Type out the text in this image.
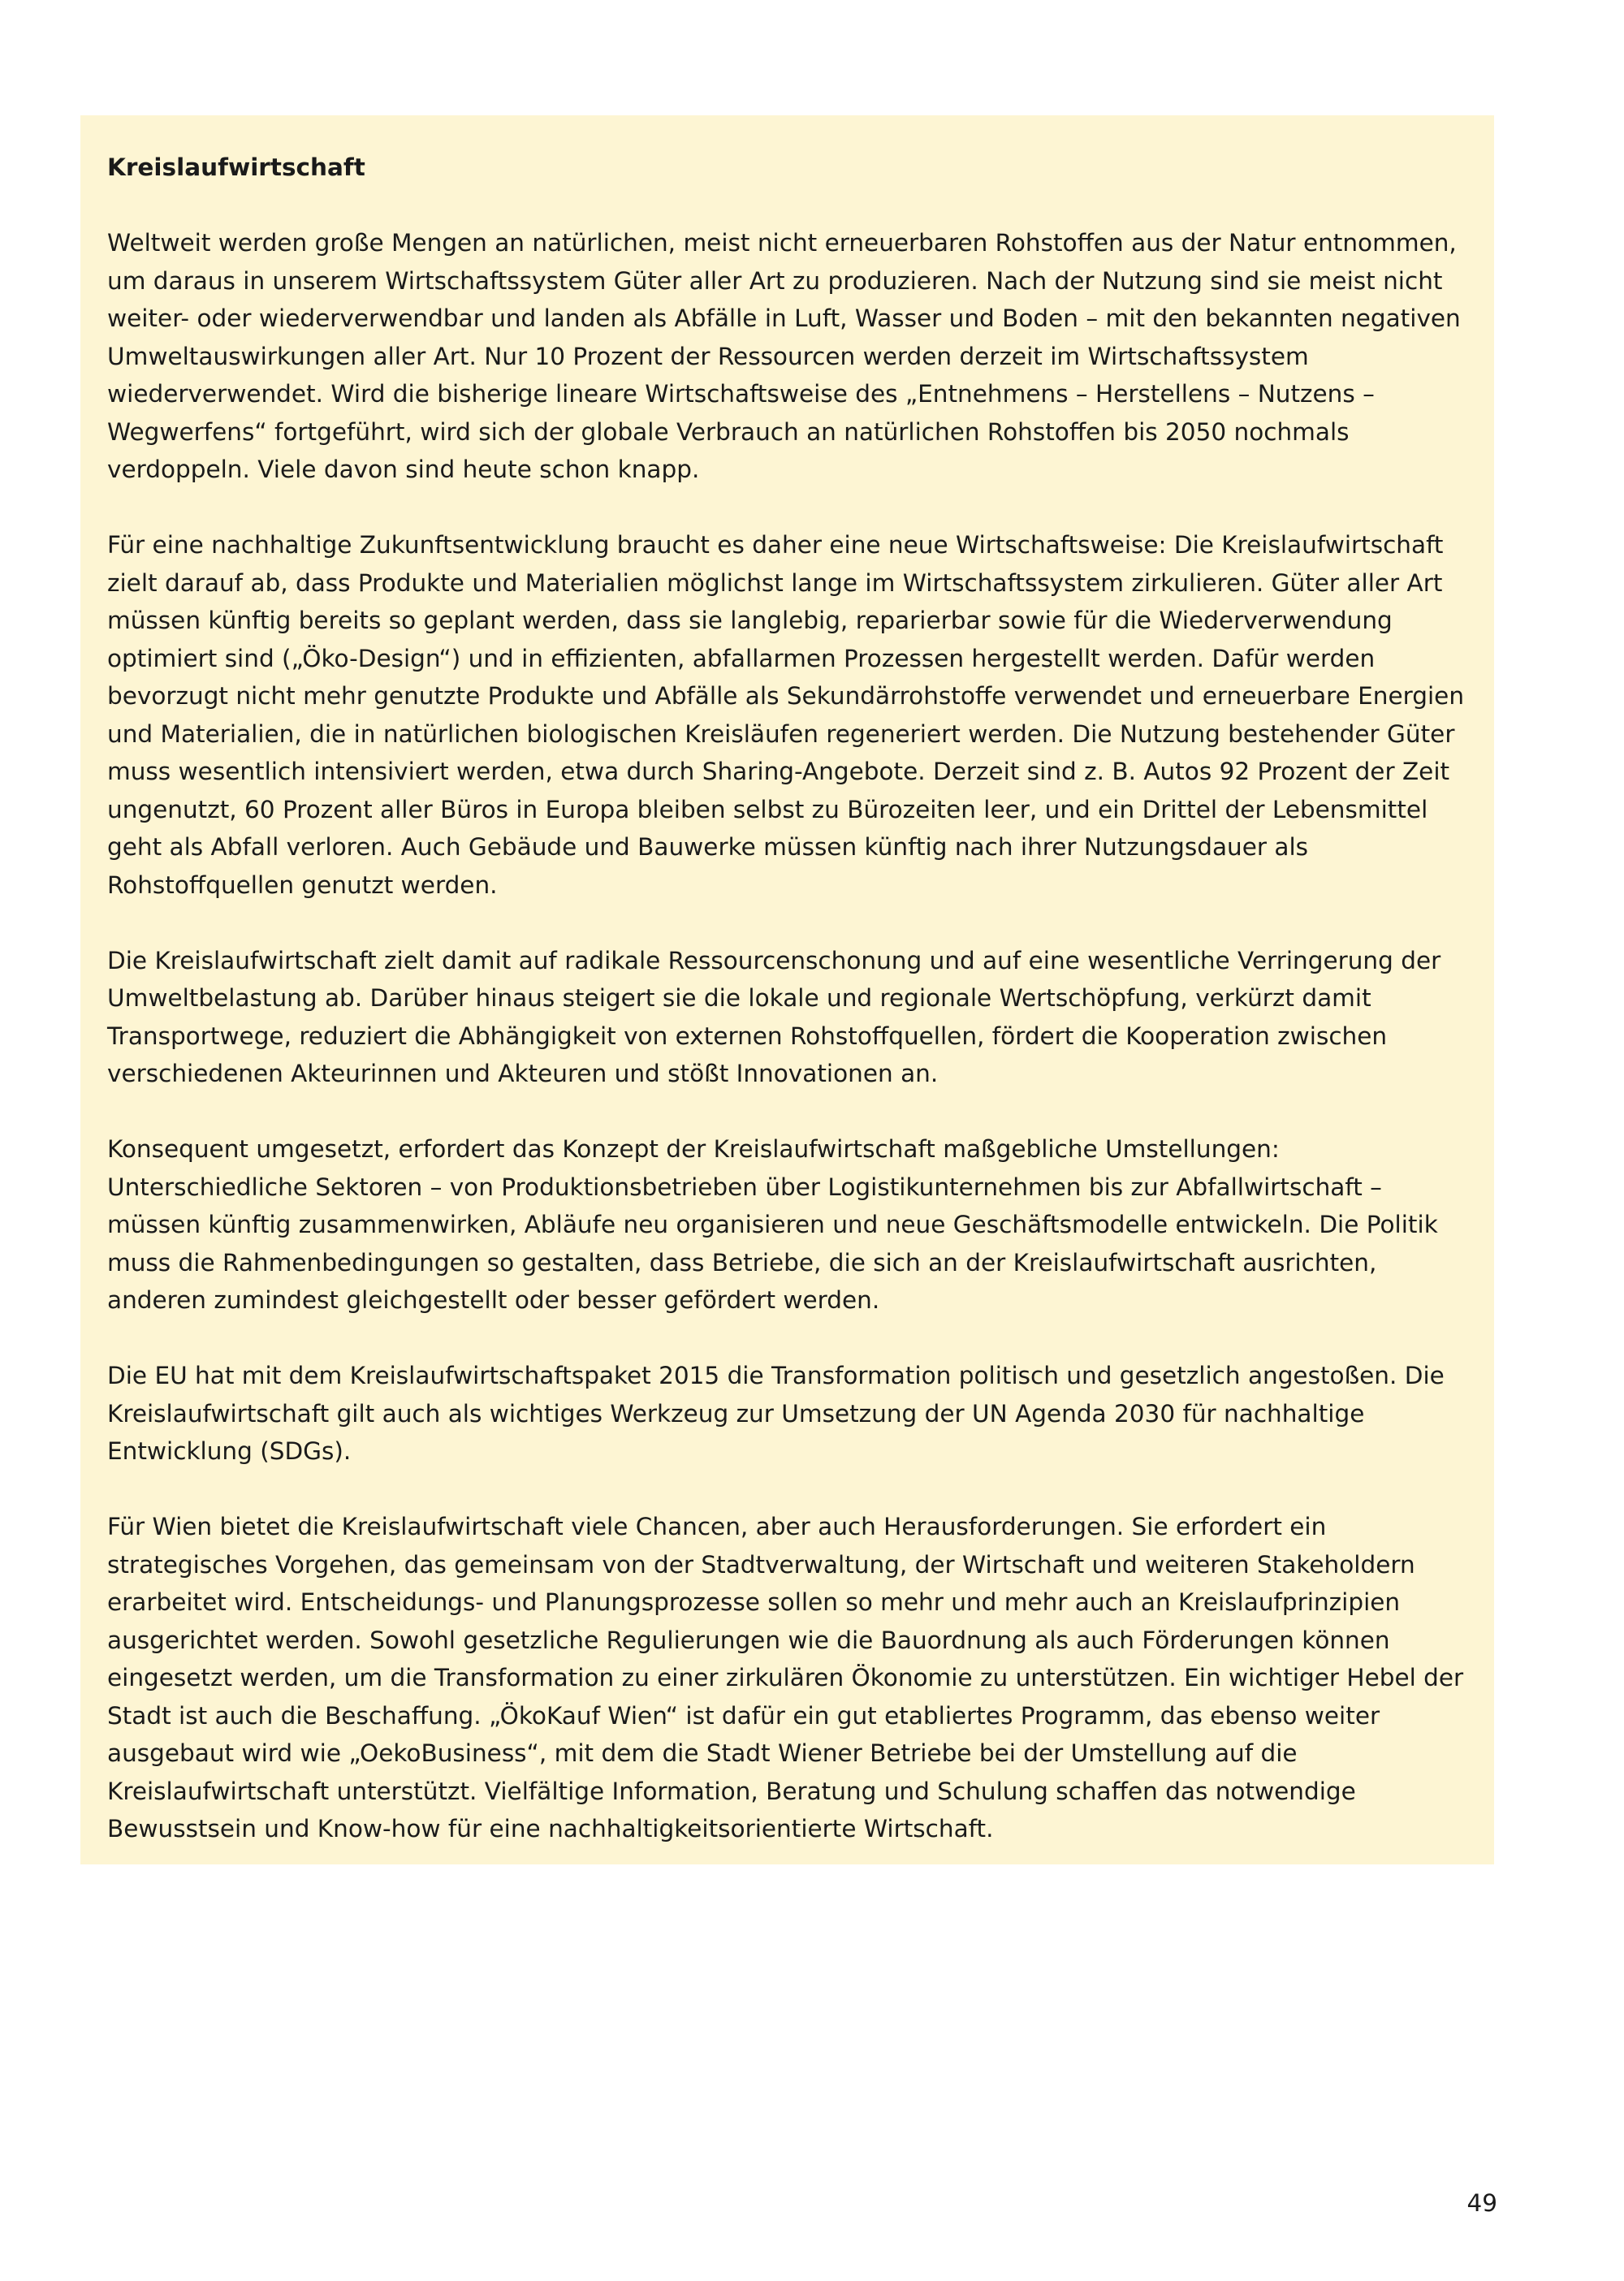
Kreislaufwirtschaft

Weltweit werden große Mengen an natürlichen, meist nicht erneuerbaren Rohstoffen aus der Natur entnommen, um daraus in unserem Wirtschaftssystem Güter aller Art zu produzieren. Nach der Nutzung sind sie meist nicht weiter- oder wiederverwendbar und landen als Abfälle in Luft, Wasser und Boden – mit den bekannten negativen Umweltauswirkungen aller Art. Nur 10 Prozent der Ressourcen werden derzeit im Wirtschaftssystem wiederverwendet. Wird die bisherige lineare Wirtschaftsweise des „Entnehmens – Herstellens – Nutzens – Wegwerfens“ fortgeführt, wird sich der globale Verbrauch an natürlichen Rohstoffen bis 2050 nochmals verdoppeln. Viele davon sind heute schon knapp.

Für eine nachhaltige Zukunftsentwicklung braucht es daher eine neue Wirtschaftsweise: Die Kreislaufwirtschaft zielt darauf ab, dass Produkte und Materialien möglichst lange im Wirtschaftssystem zirkulieren. Güter aller Art müssen künftig bereits so geplant werden, dass sie langlebig, reparierbar sowie für die Wiederverwendung optimiert sind („Öko-Design“) und in effizienten, abfallarmen Prozessen hergestellt werden. Dafür werden bevorzugt nicht mehr genutzte Produkte und Abfälle als Sekundärrohstoffe verwendet und erneuerbare Energien und Materialien, die in natürlichen biologischen Kreisläufen regeneriert werden. Die Nutzung bestehender Güter muss wesentlich intensiviert werden, etwa durch Sharing-Angebote. Derzeit sind z. B. Autos 92 Prozent der Zeit ungenutzt, 60 Prozent aller Büros in Europa bleiben selbst zu Bürozeiten leer, und ein Drittel der Lebensmittel geht als Abfall verloren. Auch Gebäude und Bauwerke müssen künftig nach ihrer Nutzungsdauer als Rohstoffquellen genutzt werden.

Die Kreislaufwirtschaft zielt damit auf radikale Ressourcenschonung und auf eine wesentliche Verringerung der Umweltbelastung ab. Darüber hinaus steigert sie die lokale und regionale Wertschöpfung, verkürzt damit Transportwege, reduziert die Abhängigkeit von externen Rohstoffquellen, fördert die Kooperation zwischen verschiedenen Akteurinnen und Akteuren und stößt Innovationen an.

Konsequent umgesetzt, erfordert das Konzept der Kreislaufwirtschaft maßgebliche Umstellungen: Unterschiedliche Sektoren – von Produktionsbetrieben über Logistikunternehmen bis zur Abfallwirtschaft – müssen künftig zusammenwirken, Abläufe neu organisieren und neue Geschäftsmodelle entwickeln. Die Politik muss die Rahmenbedingungen so gestalten, dass Betriebe, die sich an der Kreislaufwirtschaft ausrichten, anderen zumindest gleichgestellt oder besser gefördert werden.

Die EU hat mit dem Kreislaufwirtschaftspaket 2015 die Transformation politisch und gesetzlich angestoßen. Die Kreislaufwirtschaft gilt auch als wichtiges Werkzeug zur Umsetzung der UN Agenda 2030 für nachhaltige Entwicklung (SDGs).

Für Wien bietet die Kreislaufwirtschaft viele Chancen, aber auch Herausforderungen. Sie erfordert ein strategisches Vorgehen, das gemeinsam von der Stadtverwaltung, der Wirtschaft und weiteren Stakeholdern erarbeitet wird. Entscheidungs- und Planungsprozesse sollen so mehr und mehr auch an Kreislaufprinzipien ausgerichtet werden. Sowohl gesetzliche Regulierungen wie die Bauordnung als auch Förderungen können eingesetzt werden, um die Transformation zu einer zirkulären Ökonomie zu unterstützen. Ein wichtiger Hebel der Stadt ist auch die Beschaffung. „ÖkoKauf Wien“ ist dafür ein gut etabliertes Programm, das ebenso weiter ausgebaut wird wie „OekoBusiness“, mit dem die Stadt Wiener Betriebe bei der Umstellung auf die Kreislaufwirtschaft unterstützt. Vielfältige Information, Beratung und Schulung schaffen das notwendige Bewusstsein und Know-how für eine nachhaltigkeitsorientierte Wirtschaft.

49
